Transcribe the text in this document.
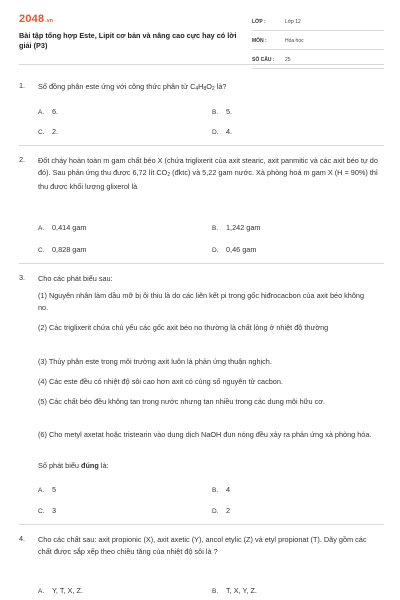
2048.vn
Bài tập tổng hợp Este, Lipit cơ bản và nâng cao cực hay có lời giải (P3)
LỚP :	Lớp 12
MÔN :	Hóa học
SỐ CÂU : 25
1.	Số đồng phân este ứng với công thức phân tử $C_4H_8O_2$ là?
A. 6.	B. 5.
C. 2.	D. 4.
2.	Đốt cháy hoàn toàn m gam chất béo X (chứa triglixerit của axit stearic, axit panmitic và các axit béo tự do đó). Sau phản ứng thu được 6,72 lít $CO_2$ (đktc) và 5,22 gam nước. Xà phòng hoá m gam X (H = 90%) thì thu được khối lượng glixerol là
A. 0,414 gam	B. 1,242 gam
C. 0,828 gam	D. 0,46 gam
3.	Cho các phát biểu sau:
(1) Nguyên nhân làm dầu mỡ bị ôi thiu là do các liên kết pi trong gốc hiđrocacbon của axit béo không no.
(2) Các triglixerit chứa chủ yếu các gốc axit béo no thường là chất lỏng ở nhiệt độ thường
(3) Thủy phân este trong môi trường axit luôn là phản ứng thuận nghịch.
(4) Các este đều có nhiệt độ sôi cao hơn axit có cùng số nguyên tử cacbon.
(5) Các chất béo đều không tan trong nước nhưng tan nhiều trong các dung môi hữu cơ.
(6) Cho metyl axetat hoặc tristearin vào dung dịch NaOH đun nóng đều xảy ra phản ứng xà phòng hóa.
Số phát biểu đúng là:
A. 5	B. 4
C. 3	D. 2
4.	Cho các chất sau: axit propionic (X), axit axetic (Y), ancol etylic (Z) và etyl propionat (T). Dãy gồm các chất được sắp xếp theo chiều tăng của nhiệt độ sôi là ?
A. Y, T, X, Z.	B. T, X, Y, Z.
